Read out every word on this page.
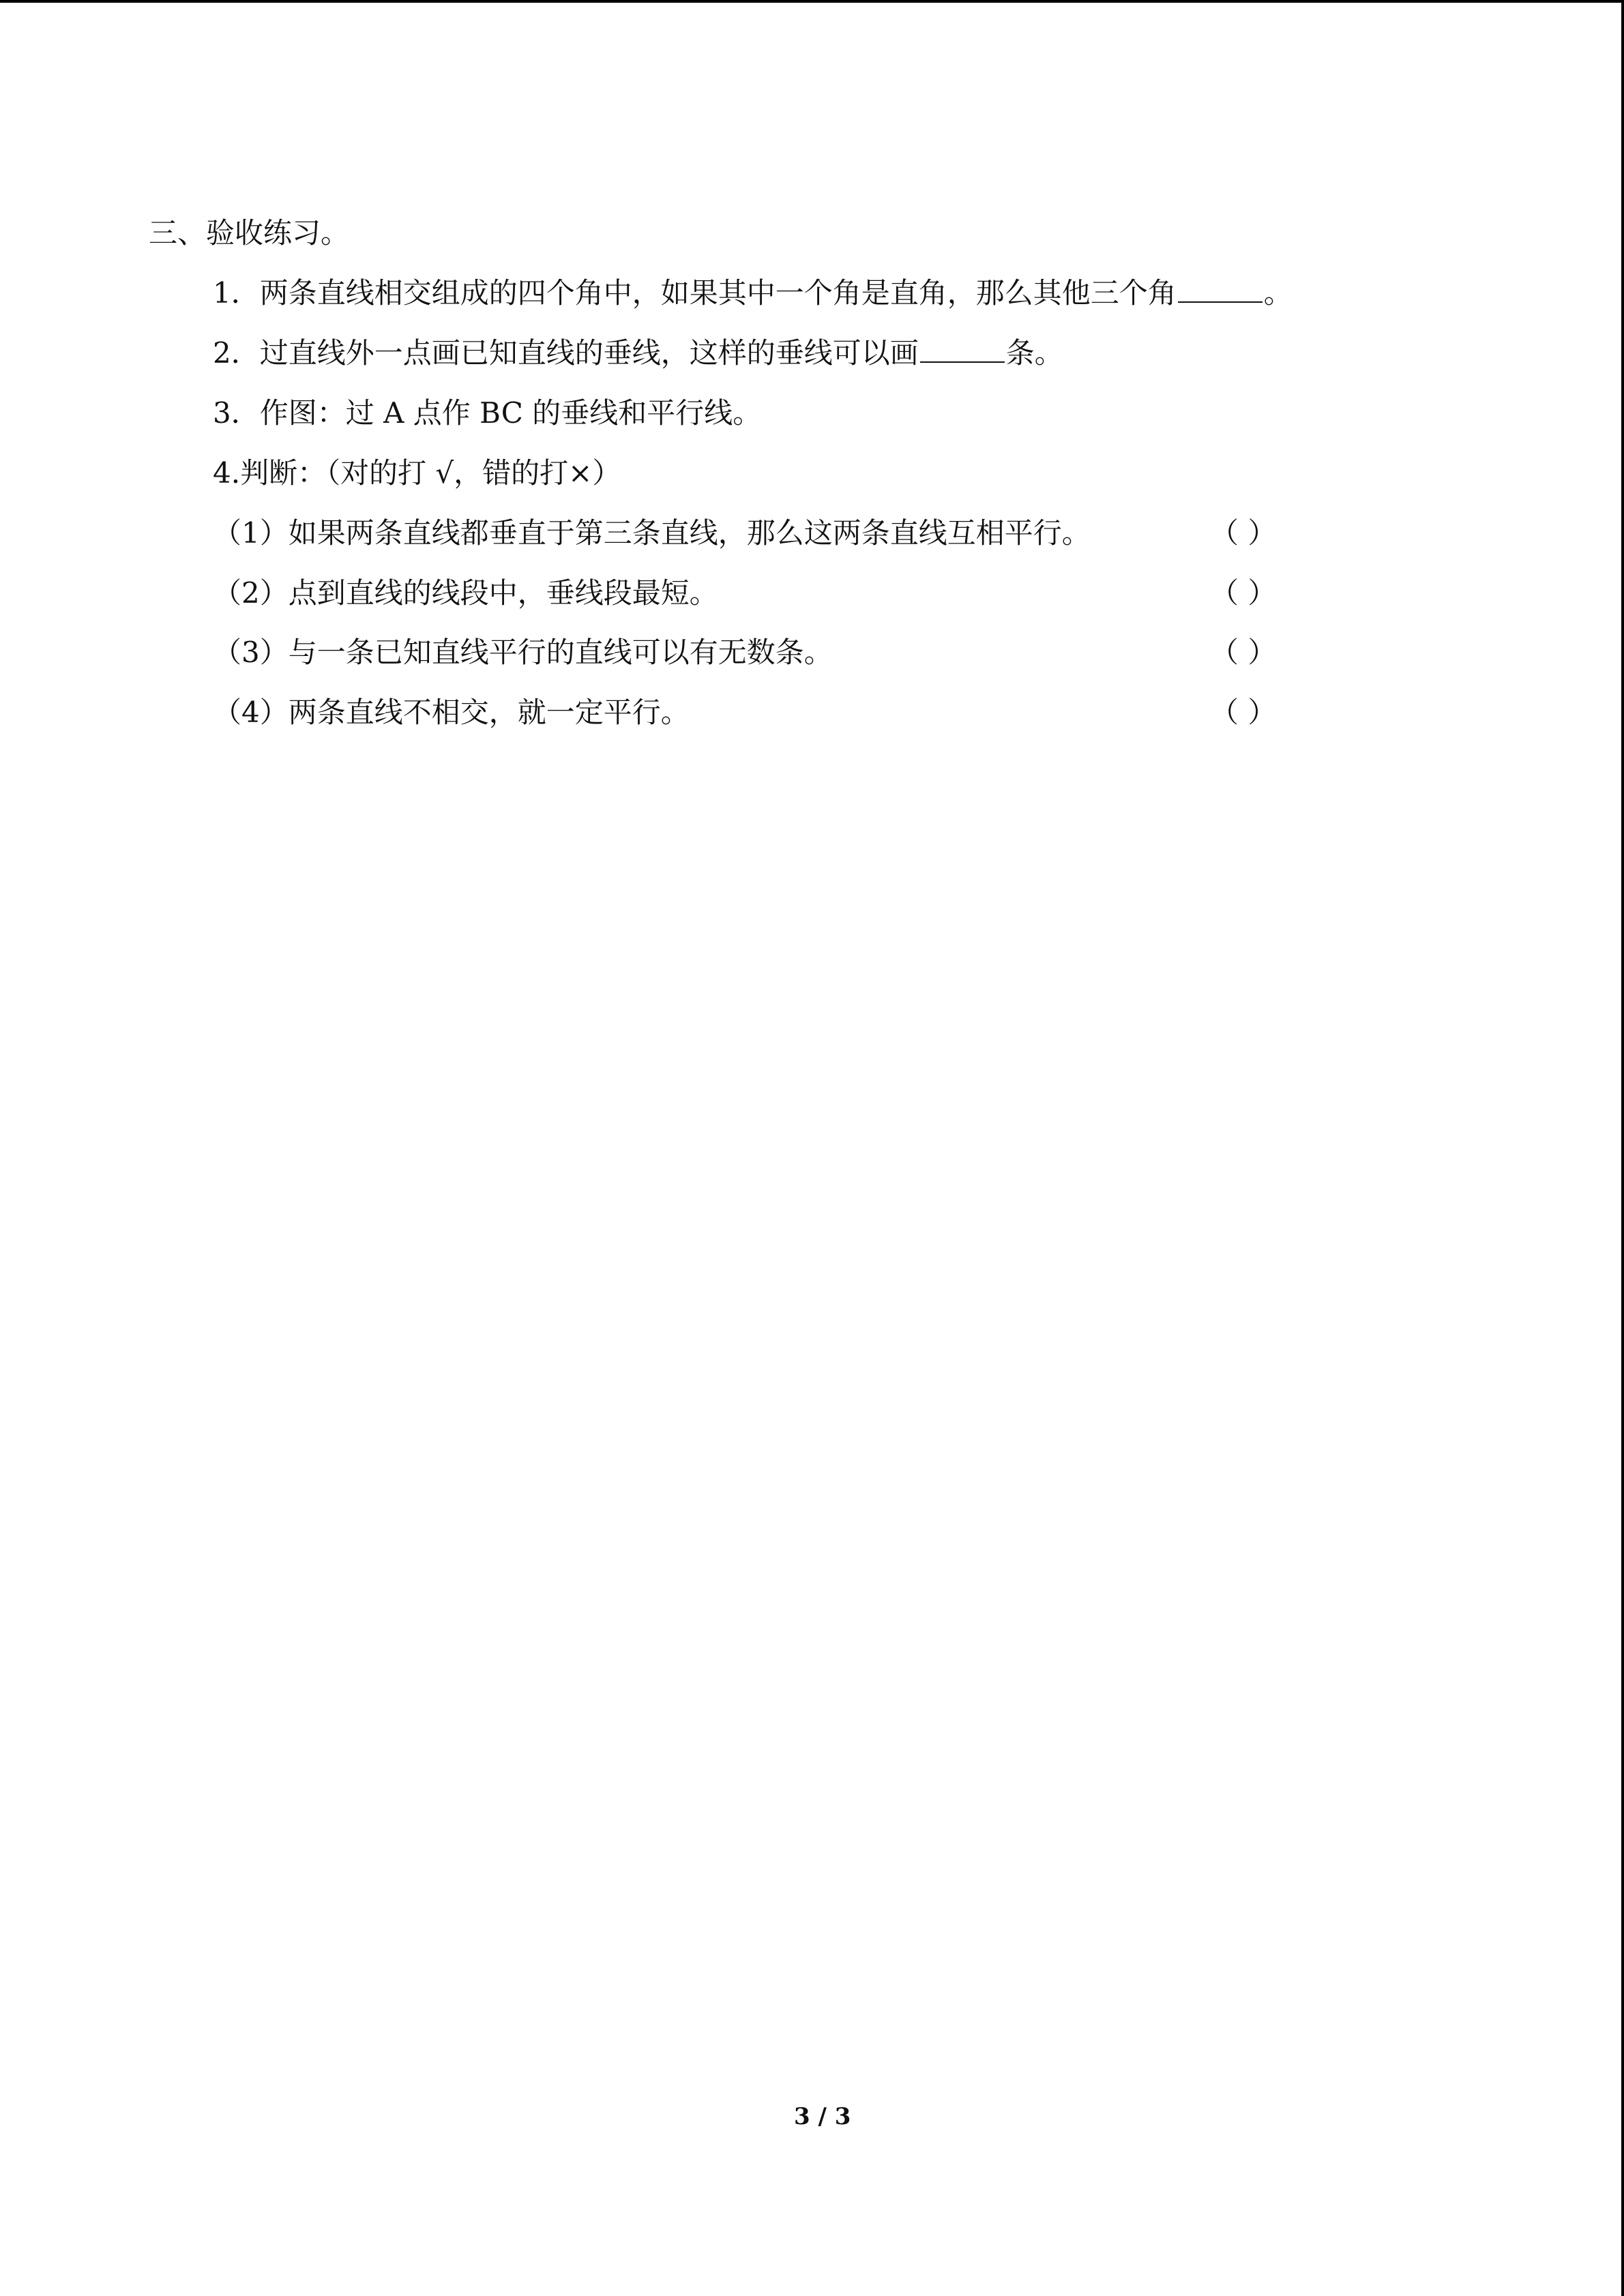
三、验收练习。
1．两条直线相交组成的四个角中，如果其中一个角是直角，那么其他三个角	。
2．过直线外一点画已知直线的垂线，这样的垂线可以画	条。
3．作图：过 A 点作 BC 的垂线和平行线。
4.判断：（对的打 √，错的打×）
（1）如果两条直线都垂直于第三条直线，那么这两条直线互相平行。	（ ）
（2）点到直线的线段中，垂线段最短。	（ ）
（3）与一条已知直线平行的直线可以有无数条。	（ ）
（4）两条直线不相交，就一定平行。	（ ）
3 / 3
